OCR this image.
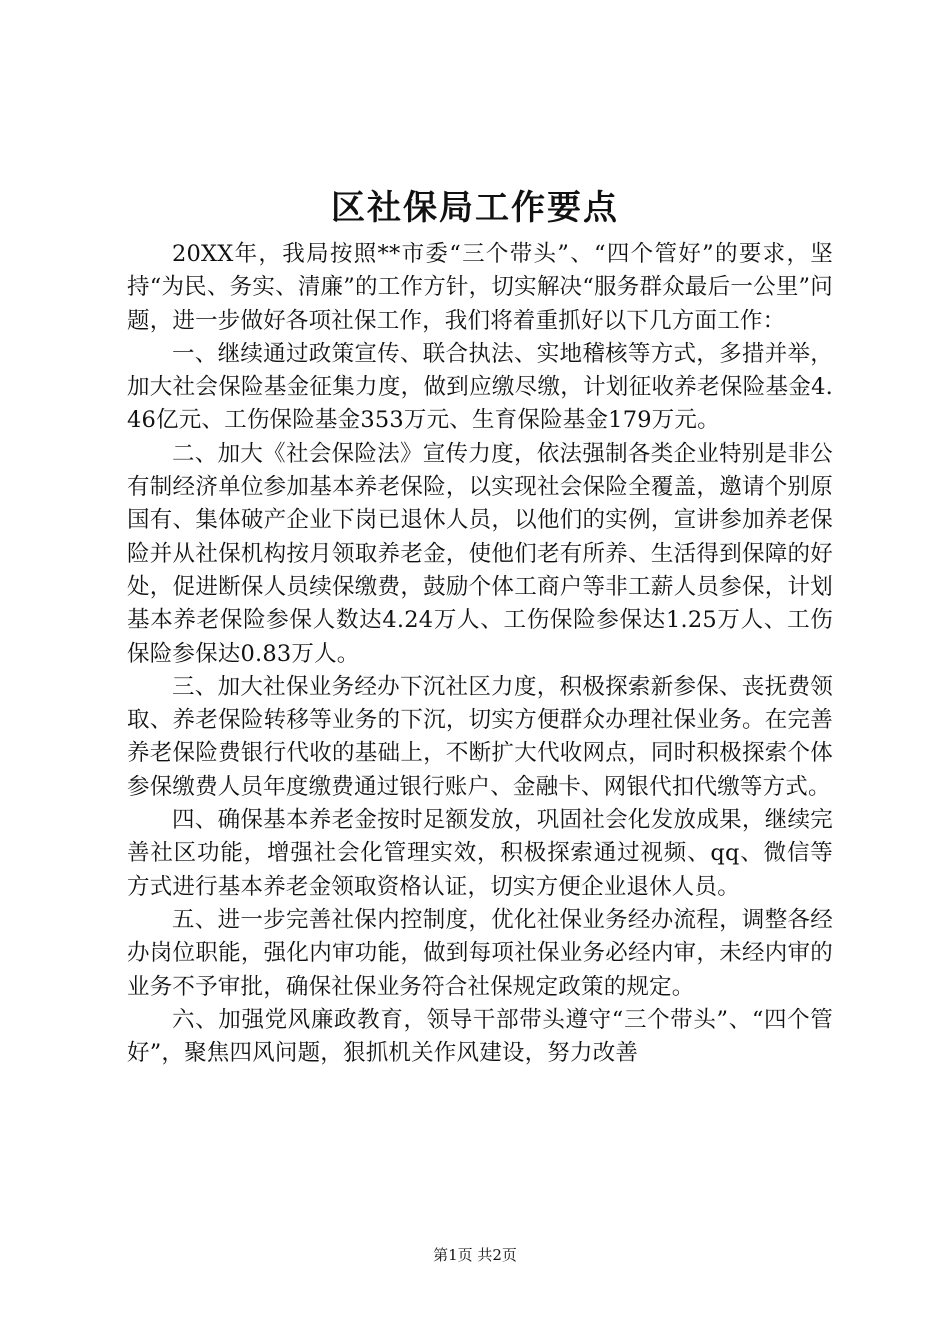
区社保局工作要点

20XX年，我局按照**市委“三个带头”、“四个管好”的要求，坚持“为民、务实、清廉”的工作方针，切实解决“服务群众最后一公里”问题，进一步做好各项社保工作，我们将着重抓好以下几方面工作：

一、继续通过政策宣传、联合执法、实地稽核等方式，多措并举，加大社会保险基金征集力度，做到应缴尽缴，计划征收养老保险基金4.46亿元、工伤保险基金353万元、生育保险基金179万元。

二、加大《社会保险法》宣传力度，依法强制各类企业特别是非公有制经济单位参加基本养老保险，以实现社会保险全覆盖，邀请个别原国有、集体破产企业下岗已退休人员，以他们的实例，宣讲参加养老保险并从社保机构按月领取养老金，使他们老有所养、生活得到保障的好处，促进断保人员续保缴费，鼓励个体工商户等非工薪人员参保，计划基本养老保险参保人数达4.24万人、工伤保险参保达1.25万人、工伤保险参保达0.83万人。

三、加大社保业务经办下沉社区力度，积极探索新参保、丧抚费领取、养老保险转移等业务的下沉，切实方便群众办理社保业务。在完善养老保险费银行代收的基础上，不断扩大代收网点，同时积极探索个体参保缴费人员年度缴费通过银行账户、金融卡、网银代扣代缴等方式。

四、确保基本养老金按时足额发放，巩固社会化发放成果，继续完善社区功能，增强社会化管理实效，积极探索通过视频、qq、微信等方式进行基本养老金领取资格认证，切实方便企业退休人员。

五、进一步完善社保内控制度，优化社保业务经办流程，调整各经办岗位职能，强化内审功能，做到每项社保业务必经内审，未经内审的业务不予审批，确保社保业务符合社保规定政策的规定。

六、加强党风廉政教育，领导干部带头遵守“三个带头”、“四个管好”，聚焦四风问题，狠抓机关作风建设，努力改善

第1页 共2页
